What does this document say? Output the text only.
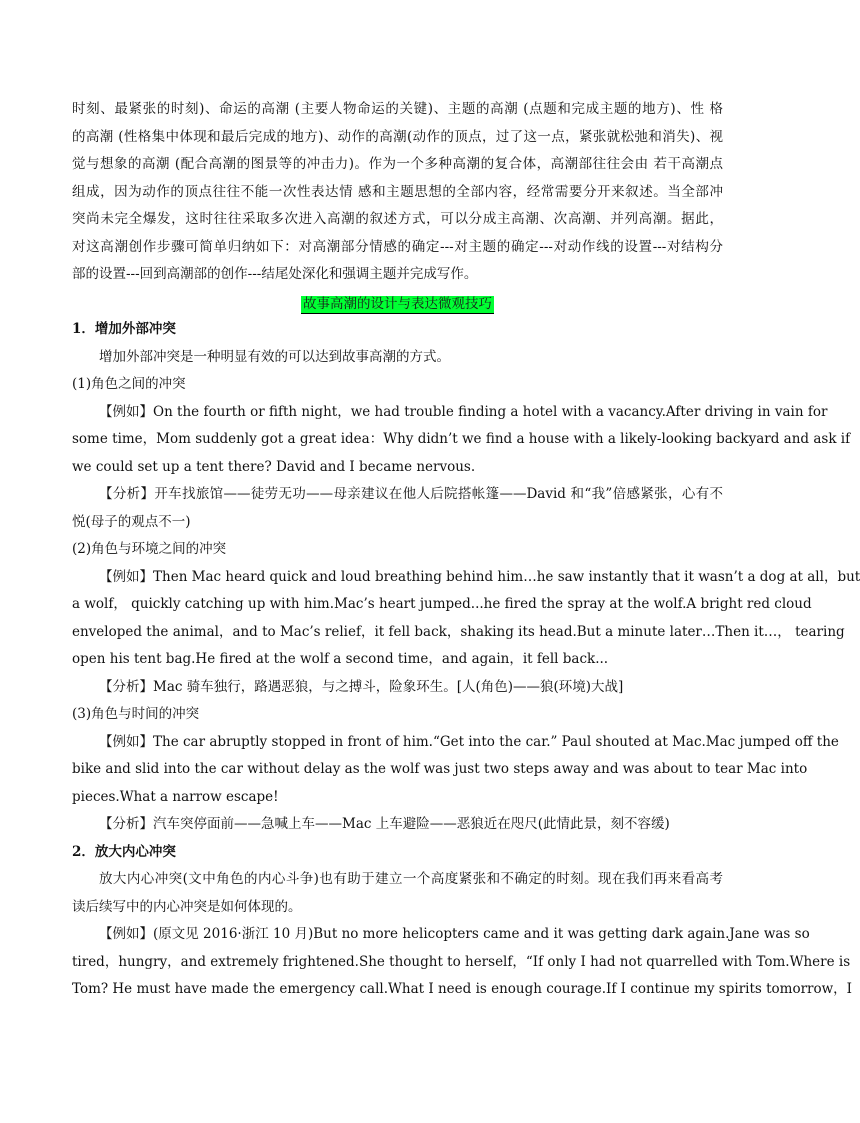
时刻、最紧张的时刻)、命运的高潮 (主要人物命运的关键)、主题的高潮 (点题和完成主题的地方)、性 格
的高潮 (性格集中体现和最后完成的地方)、动作的高潮(动作的顶点，过了这一点，紧张就松弛和消失)、视
觉与想象的高潮 (配合高潮的图景等的冲击力)。作为一个多种高潮的复合体，高潮部往往会由 若干高潮点
组成，因为动作的顶点往往不能一次性表达情 感和主题思想的全部内容，经常需要分开来叙述。当全部冲
突尚未完全爆发，这时往往采取多次进入高潮的叙述方式，可以分成主高潮、次高潮、并列高潮。据此，
对这高潮创作步骤可简单归纳如下：对高潮部分情感的确定---对主题的确定---对动作线的设置---对结构分
部的设置---回到高潮部的创作---结尾处深化和强调主题并完成写作。
故事高潮的设计与表达微观技巧
1．增加外部冲突
增加外部冲突是一种明显有效的可以达到故事高潮的方式。
(1)角色之间的冲突
【例如】On the fourth or fifth night，we had trouble finding a hotel with a vacancy.After driving in vain for
some time，Mom suddenly got a great idea：Why didn’t we find a house with a likely-looking backyard and ask if
we could set up a tent there? David and I became nervous.
【分析】开车找旅馆——徒劳无功——母亲建议在他人后院搭帐篷——David 和“我”倍感紧张，心有不
悦(母子的观点不一)
(2)角色与环境之间的冲突
【例如】Then Mac heard quick and loud breathing behind him…he saw instantly that it wasn’t a dog at all，but
a wolf， quickly catching up with him.Mac’s heart jumped...he fired the spray at the wolf.A bright red cloud
enveloped the animal，and to Mac’s relief，it fell back，shaking its head.But a minute later…Then it…， tearing
open his tent bag.He fired at the wolf a second time，and again，it fell back...
【分析】Mac 骑车独行，路遇恶狼，与之搏斗，险象环生。[人(角色)——狼(环境)大战]
(3)角色与时间的冲突
【例如】The car abruptly stopped in front of him.“Get into the car.” Paul shouted at Mac.Mac jumped off the
bike and slid into the car without delay as the wolf was just two steps away and was about to tear Mac into
pieces.What a narrow escape!
【分析】汽车突停面前——急喊上车——Mac 上车避险——恶狼近在咫尺(此情此景，刻不容缓)
2．放大内心冲突
放大内心冲突(文中角色的内心斗争)也有助于建立一个高度紧张和不确定的时刻。现在我们再来看高考
读后续写中的内心冲突是如何体现的。
【例如】(原文见 2016·浙江 10 月)But no more helicopters came and it was getting dark again.Jane was so
tired，hungry，and extremely frightened.She thought to herself，“If only I had not quarrelled with Tom.Where is
Tom? He must have made the emergency call.What I need is enough courage.If I continue my spirits tomorrow，I
